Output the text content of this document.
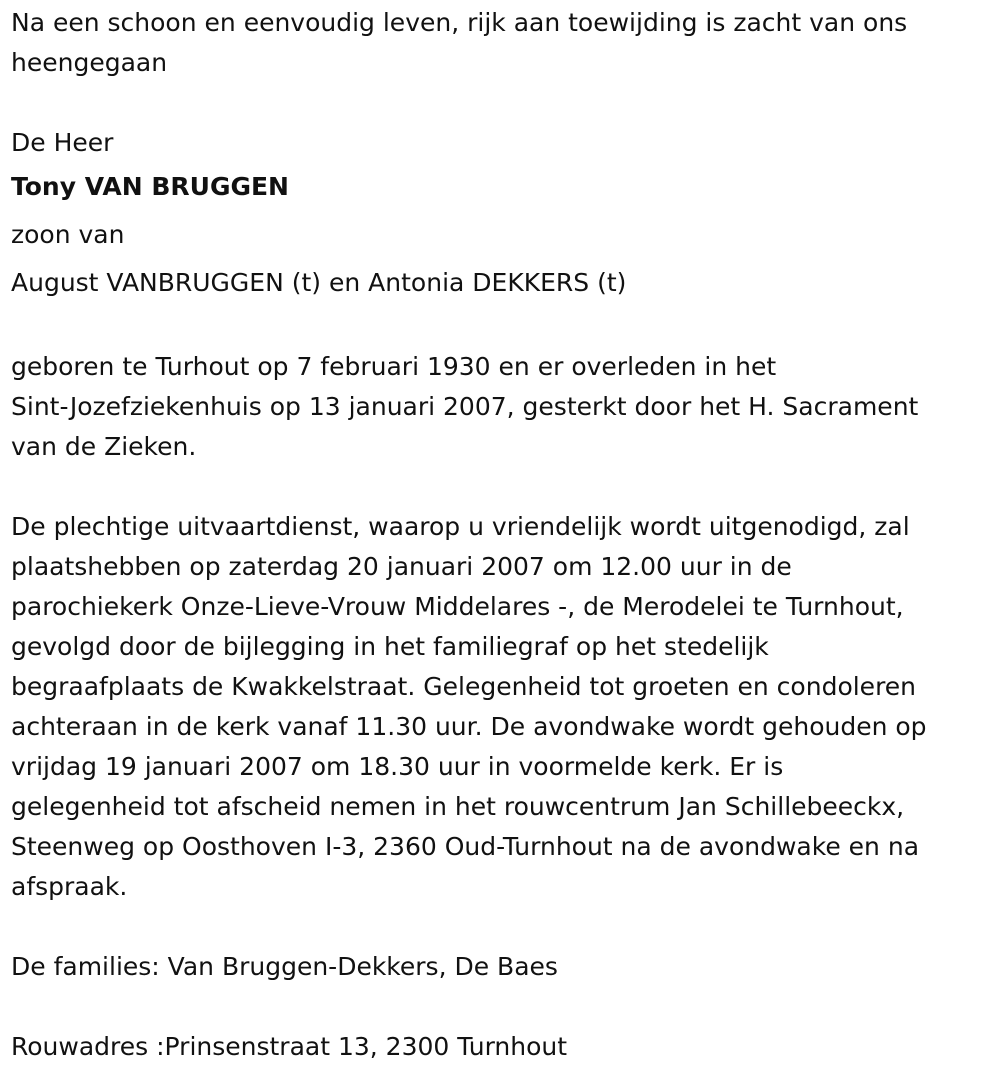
Na een schoon en eenvoudig leven, rijk aan toewijding is zacht van ons
heengegaan
De Heer
Tony VAN BRUGGEN
zoon van
August VANBRUGGEN (t) en Antonia DEKKERS (t)
geboren te Turhout op 7 februari 1930 en er overleden in het
Sint-Jozefziekenhuis op 13 januari 2007, gesterkt door het H. Sacrament
van de Zieken.
De plechtige uitvaartdienst, waarop u vriendelijk wordt uitgenodigd, zal
plaatshebben op zaterdag 20 januari 2007 om 12.00 uur in de
parochiekerk Onze-Lieve-Vrouw Middelares -, de Merodelei te Turnhout,
gevolgd door de bijlegging in het familiegraf op het stedelijk
begraafplaats de Kwakkelstraat. Gelegenheid tot groeten en condoleren
achteraan in de kerk vanaf 11.30 uur. De avondwake wordt gehouden op
vrijdag 19 januari 2007 om 18.30 uur in voormelde kerk. Er is
gelegenheid tot afscheid nemen in het rouwcentrum Jan Schillebeeckx,
Steenweg op Oosthoven I-3, 2360 Oud-Turnhout na de avondwake en na
afspraak.
De families: Van Bruggen-Dekkers, De Baes
Rouwadres :Prinsenstraat 13, 2300 Turnhout
